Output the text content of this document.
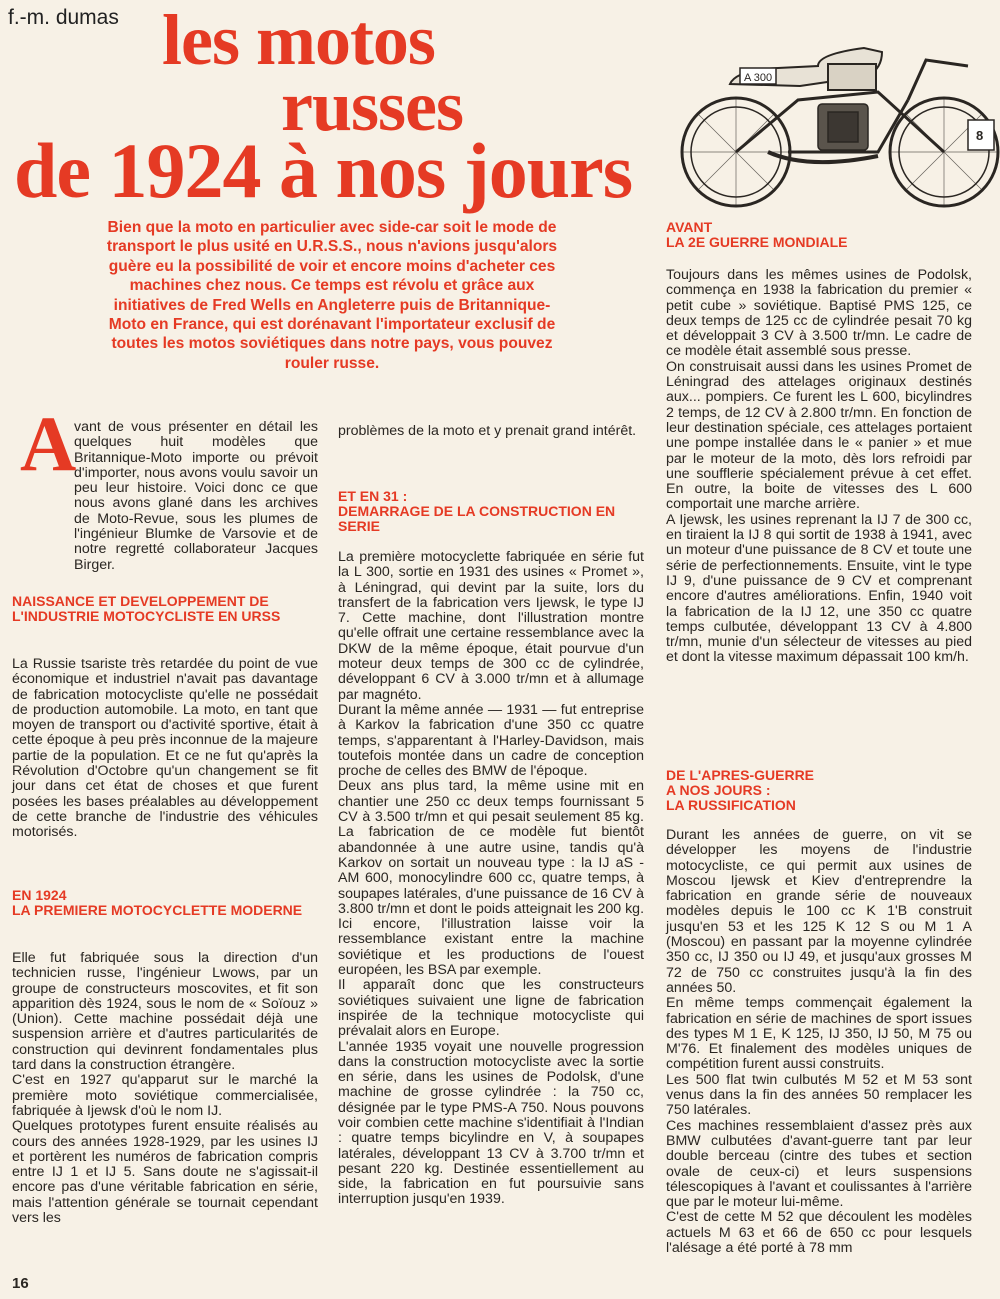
f.-m. dumas les motos
russes
de 1924 à nos jours
A 300
8
Bien que la moto en particulier avec side-car soit le mode de transport le plus usité en U.R.S.S., nous n'avions jusqu'alors guère eu la possibilité de voir et encore moins d'acheter ces machines chez nous. Ce temps est révolu et grâce aux initiatives de Fred Wells en Angleterre puis de Britannique-Moto en France, qui est dorénavant l'importateur exclusif de toutes les motos soviétiques dans notre pays, vous pouvez rouler russe.
A

vant de vous présenter en détail les quelques huit modèles que Britannique-Moto importe ou prévoit d'importer, nous avons voulu savoir un peu leur histoire. Voici donc ce que nous avons glané dans les archives de Moto-Revue, sous les plumes de l'ingénieur Blumke de Varsovie et de notre regretté collaborateur Jacques Birger.

NAISSANCE ET DEVELOPPEMENT DE L'INDUSTRIE MOTOCYCLISTE EN URSS

La Russie tsariste très retardée du point de vue économique et industriel n'avait pas davantage de fabrication motocycliste qu'elle ne possédait de production automobile. La moto, en tant que moyen de transport ou d'activité sportive, était à cette époque à peu près inconnue de la majeure partie de la population. Et ce ne fut qu'après la Révolution d'Octobre qu'un changement se fit jour dans cet état de choses et que furent posées les bases préalables au développement de cette branche de l'industrie des véhicules motorisés.

EN 1924
LA PREMIERE MOTOCYCLETTE MODERNE

Elle fut fabriquée sous la direction d'un technicien russe, l'ingénieur Lwows, par un groupe de constructeurs moscovites, et fit son apparition dès 1924, sous le nom de « Soïouz » (Union). Cette machine possédait déjà une suspension arrière et d'autres particularités de construction qui devinrent fondamentales plus tard dans la construction étrangère.

C'est en 1927 qu'apparut sur le marché la première moto soviétique commercialisée, fabriquée à Ijewsk d'où le nom IJ.

Quelques prototypes furent ensuite réalisés au cours des années 1928-1929, par les usines IJ et portèrent les numéros de fabrication compris entre IJ 1 et IJ 5. Sans doute ne s'agissait-il encore pas d'une véritable fabrication en série, mais l'attention générale se tournait cependant vers les

16

problèmes de la moto et y prenait grand intérêt.

ET EN 31 :
DEMARRAGE DE LA CONSTRUCTION EN SERIE

La première motocyclette fabriquée en série fut la L 300, sortie en 1931 des usines « Promet », à Léningrad, qui devint par la suite, lors du transfert de la fabrication vers Ijewsk, le type IJ 7. Cette machine, dont l'illustration montre qu'elle offrait une certaine ressemblance avec la DKW de la même époque, était pourvue d'un moteur deux temps de 300 cc de cylindrée, développant 6 CV à 3.000 tr/mn et à allumage par magnéto.

Durant la même année — 1931 — fut entreprise à Karkov la fabrication d'une 350 cc quatre temps, s'apparentant à l'Harley-Davidson, mais toutefois montée dans un cadre de conception proche de celles des BMW de l'époque.

Deux ans plus tard, la même usine mit en chantier une 250 cc deux temps fournissant 5 CV à 3.500 tr/mn et qui pesait seulement 85 kg. La fabrication de ce modèle fut bientôt abandonnée à une autre usine, tandis qu'à Karkov on sortait un nouveau type : la IJ aS - AM 600, monocylindre 600 cc, quatre temps, à soupapes latérales, d'une puissance de 16 CV à 3.800 tr/mn et dont le poids atteignait les 200 kg. Ici encore, l'illustration laisse voir la ressemblance existant entre la machine soviétique et les productions de l'ouest européen, les BSA par exemple.

Il apparaît donc que les constructeurs soviétiques suivaient une ligne de fabrication inspirée de la technique motocycliste qui prévalait alors en Europe.

L'année 1935 voyait une nouvelle progression dans la construction motocycliste avec la sortie en série, dans les usines de Podolsk, d'une machine de grosse cylindrée : la 750 cc, désignée par le type PMS-A 750. Nous pouvons voir combien cette machine s'identifiait à l'Indian : quatre temps bicylindre en V, à soupapes latérales, développant 13 CV à 3.700 tr/mn et pesant 220 kg. Destinée essentiellement au side, la fabrication en fut poursuivie sans interruption jusqu'en 1939.

AVANT
LA 2E GUERRE MONDIALE

Toujours dans les mêmes usines de Podolsk, commença en 1938 la fabrication du premier « petit cube » soviétique. Baptisé PMS 125, ce deux temps de 125 cc de cylindrée pesait 70 kg et développait 3 CV à 3.500 tr/mn. Le cadre de ce modèle était assemblé sous presse.

On construisait aussi dans les usines Promet de Léningrad des attelages originaux destinés aux... pompiers. Ce furent les L 600, bicylindres 2 temps, de 12 CV à 2.800 tr/mn. En fonction de leur destination spéciale, ces attelages portaient une pompe installée dans le « panier » et mue par le moteur de la moto, dès lors refroidi par une soufflerie spécialement prévue à cet effet. En outre, la boite de vitesses des L 600 comportait une marche arrière.

A Ijewsk, les usines reprenant la IJ 7 de 300 cc, en tiraient la IJ 8 qui sortit de 1938 à 1941, avec un moteur d'une puissance de 8 CV et toute une série de perfectionnements. Ensuite, vint le type IJ 9, d'une puissance de 9 CV et comprenant encore d'autres améliorations. Enfin, 1940 voit la fabrication de la IJ 12, une 350 cc quatre temps culbutée, développant 13 CV à 4.800 tr/mn, munie d'un sélecteur de vitesses au pied et dont la vitesse maximum dépassait 100 km/h.

DE L'APRES-GUERRE
A NOS JOURS :
LA RUSSIFICATION

Durant les années de guerre, on vit se développer les moyens de l'industrie motocycliste, ce qui permit aux usines de Moscou Ijewsk et Kiev d'entreprendre la fabrication en grande série de nouveaux modèles depuis le 100 cc K 1'B construit jusqu'en 53 et les 125 K 12 S ou M 1 A (Moscou) en passant par la moyenne cylindrée 350 cc, IJ 350 ou IJ 49, et jusqu'aux grosses M 72 de 750 cc construites jusqu'à la fin des années 50.

En même temps commençait également la fabrication en série de machines de sport issues des types M 1 E, K 125, IJ 350, IJ 50, M 75 ou M'76. Et finalement des modèles uniques de compétition furent aussi construits.

Les 500 flat twin culbutés M 52 et M 53 sont venus dans la fin des années 50 remplacer les 750 latérales.

Ces machines ressemblaient d'assez près aux BMW culbutées d'avant-guerre tant par leur double berceau (cintre des tubes et section ovale de ceux-ci) et leurs suspensions télescopiques à l'avant et coulissantes à l'arrière que par le moteur lui-même.

C'est de cette M 52 que découlent les modèles actuels M 63 et 66 de 650 cc pour lesquels l'alésage a été porté à 78 mm
